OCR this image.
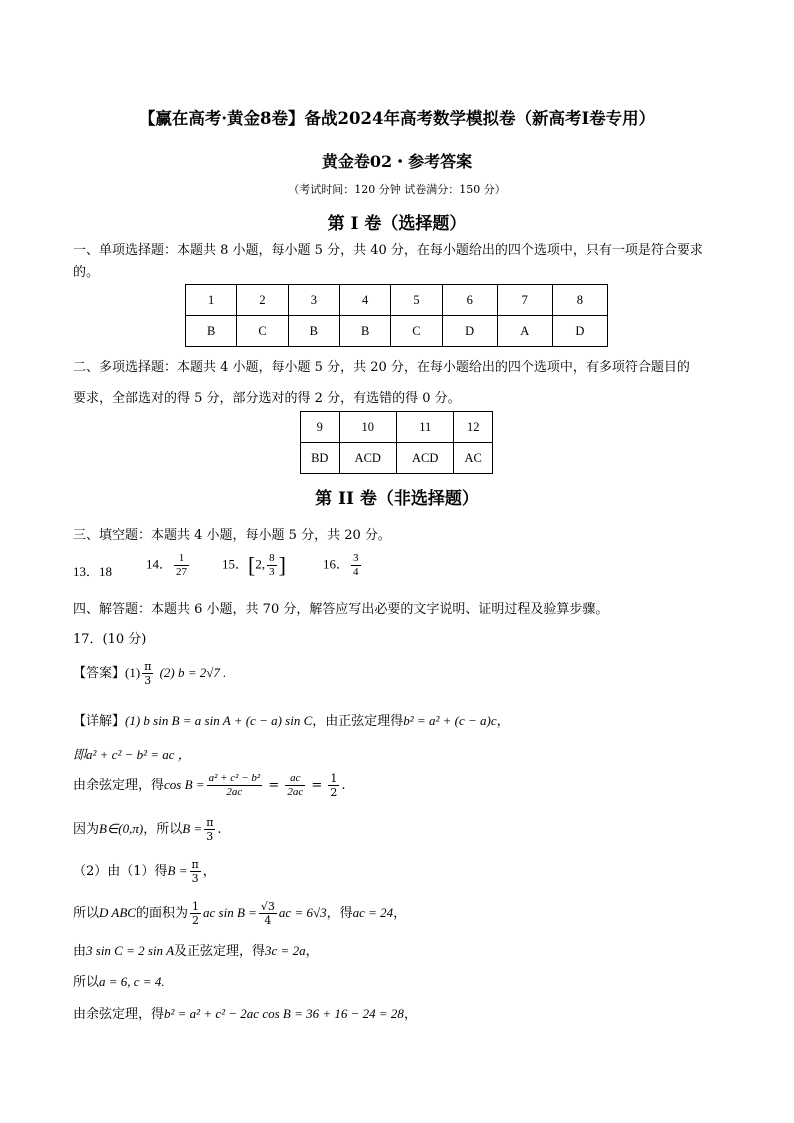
【赢在高考·黄金8卷】备战2024年高考数学模拟卷（新高考Ⅰ卷专用）
黄金卷02・参考答案
（考试时间：120 分钟 试卷满分：150 分）
第 I 卷（选择题）
一、单项选择题：本题共 8 小题，每小题 5 分，共 40 分，在每小题给出的四个选项中，只有一项是符合要求的。
1	2	3	4	5	6	7	8
B	C	B	B	C	D	A	D
二、多项选择题：本题共 4 小题，每小题 5 分，共 20 分，在每小题给出的四个选项中，有多项符合题目的
要求，全部选对的得 5 分，部分选对的得 2 分，有选错的得 0 分。
9	10	11	12
BD	ACD	ACD	AC
第 II 卷（非选择题）
三、填空题：本题共 4 小题，每小题 5 分，共 20 分。
13．18
14． $\frac{1}{27}$	15．[2, $\frac{8}{3}$ ]	16． $\frac{3}{4}$
四、解答题：本题共 6 小题，共 70 分，解答应写出必要的文字说明、证明过程及验算步骤。
17．(10 分)
【答案】$(1) \frac{\pi}{3} (2) b = 2√7$ .
【详解】(1) b sin B = a sin A + (c − a) sin C，由正弦定理得b² = a² + (c − a)c，
即a² + c² − b² = ac ，
由余弦定理，得$\cos B = \frac{\text{a² + c² − b²}}{2ac} = \frac{ac}{2ac} = \frac{1}{2}$ .
因为B∈(0,π)，所以$B = \frac{\pi}{3}$ .
（2）由（1）得$B = \frac{\pi}{3}$ ，
所以D ABC的面积为 $\frac{1}{2}$ ac $\sin B = \frac{√3}{4}$ ac = 6√3，得ac = 24，
由3 sin C = 2 sin A及正弦定理，得3c = 2a，
所以a = 6, c = 4.
由余弦定理，得b² = a² + c² − 2ac cos B = 36 + 16 − 24 = 28，
